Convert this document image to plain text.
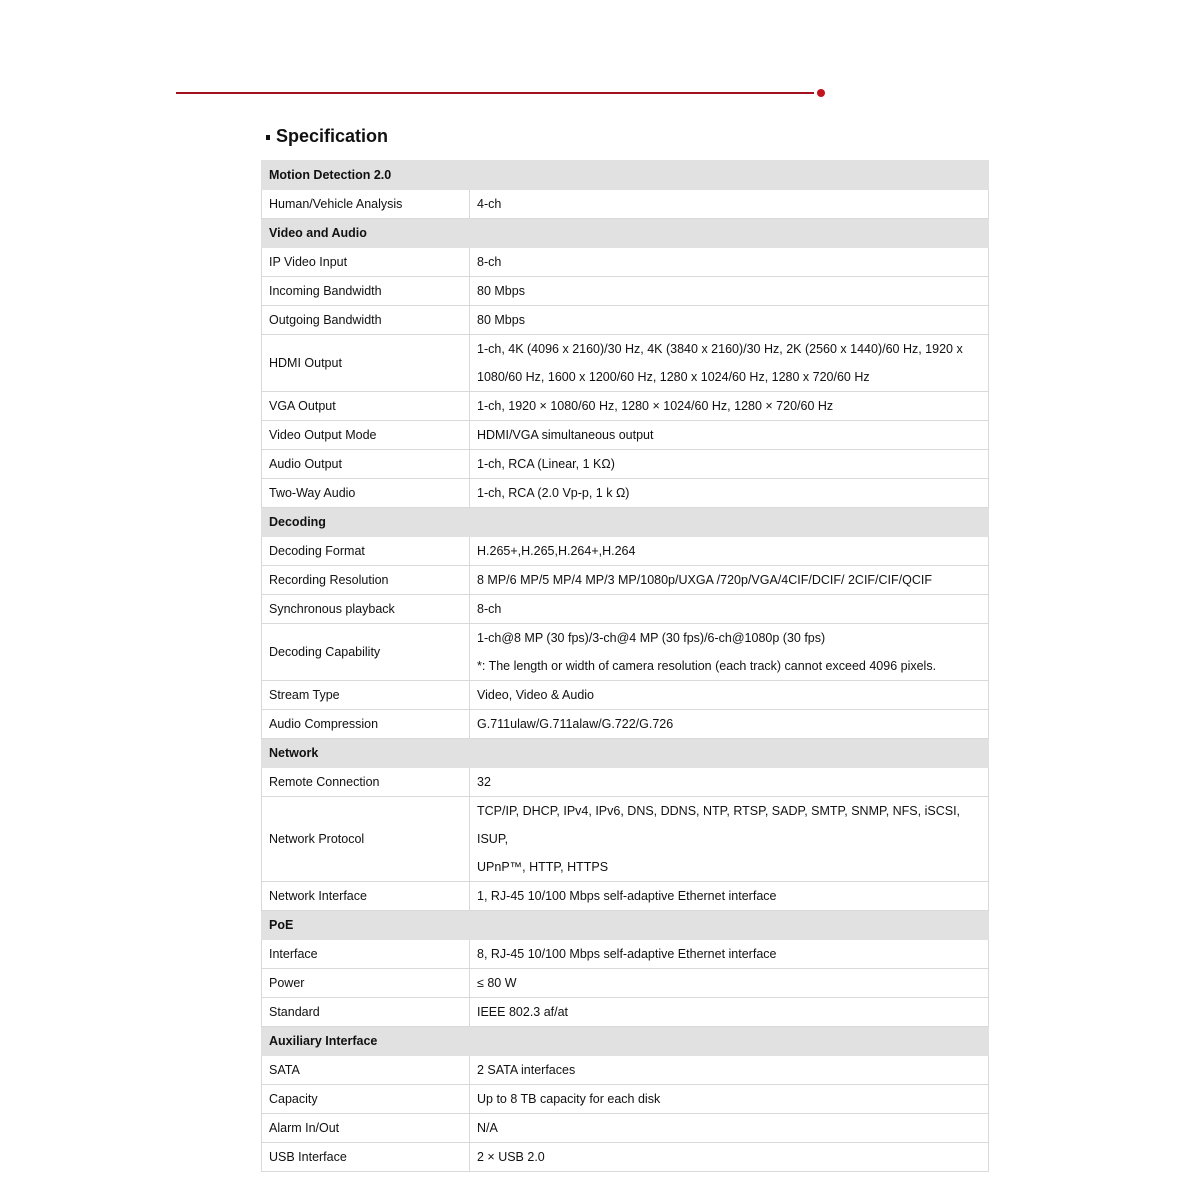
Specification
Motion Detection 2.0	
Human/Vehicle Analysis	4-ch

Video and Audio	
IP Video Input	8-ch

Incoming Bandwidth	80 Mbps

Outgoing Bandwidth	80 Mbps

HDMI Output	1-ch, 4K (4096 x 2160)/30 Hz, 4K (3840 x 2160)/30 Hz, 2K (2560 x 1440)/60 Hz, 1920 x
1080/60 Hz, 1600 x 1200/60 Hz, 1280 x 1024/60 Hz, 1280 x 720/60 Hz

VGA Output	1-ch, 1920 × 1080/60 Hz, 1280 × 1024/60 Hz, 1280 × 720/60 Hz

Video Output Mode	HDMI/VGA simultaneous output

Audio Output	1-ch, RCA (Linear, 1 KΩ)

Two-Way Audio	1-ch, RCA (2.0 Vp-p, 1 k Ω)

Decoding	
Decoding Format	H.265+,H.265,H.264+,H.264

Recording Resolution	8 MP/6 MP/5 MP/4 MP/3 MP/1080p/UXGA /720p/VGA/4CIF/DCIF/ 2CIF/CIF/QCIF

Synchronous playback	8-ch

Decoding Capability	1-ch@8 MP (30 fps)/3-ch@4 MP (30 fps)/6-ch@1080p (30 fps)
*: The length or width of camera resolution (each track) cannot exceed 4096 pixels.

Stream Type	Video, Video & Audio

Audio Compression	G.711ulaw/G.711alaw/G.722/G.726

Network	
Remote Connection	32

Network Protocol	TCP/IP, DHCP, IPv4, IPv6, DNS, DDNS, NTP, RTSP, SADP, SMTP, SNMP, NFS, iSCSI, ISUP,
UPnP™, HTTP, HTTPS

Network Interface	1, RJ-45 10/100 Mbps self-adaptive Ethernet interface

PoE	
Interface	8, RJ-45 10/100 Mbps self-adaptive Ethernet interface

Power	≤ 80 W

Standard	IEEE 802.3 af/at

Auxiliary Interface	
SATA	2 SATA interfaces

Capacity	Up to 8 TB capacity for each disk

Alarm In/Out	N/A

USB Interface	2 × USB 2.0
